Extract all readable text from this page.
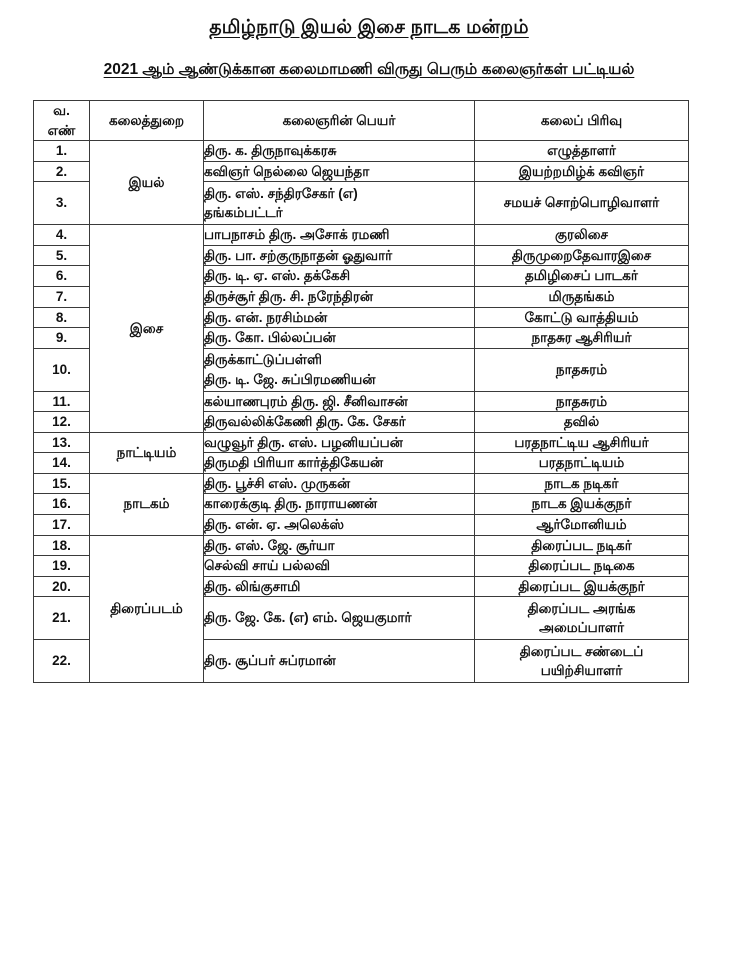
தமிழ்நாடு இயல் இசை நாடக மன்றம்
2021 ஆம் ஆண்டுக்கான கலைமாமணி விருது பெரும் கலைஞர்கள் பட்டியல்
வ.
எண்	கலைத்துறை	கலைஞரின் பெயர்	கலைப் பிரிவு
1.	இயல்	திரு. க. திருநாவுக்கரசு	எழுத்தாளர்

2.		கவிஞர் நெல்லை ஜெயந்தா	இயற்றமிழ்க் கவிஞர்

3.		திரு. எஸ். சந்திரசேகர் (எ)
தங்கம்பட்டர்	சமயச் சொற்பொழிவாளர்

4.	இசை	பாபநாசம் திரு. அசோக் ரமணி	குரலிசை

5.		திரு. பா. சற்குருநாதன் ஓதுவார்	திருமுறைதேவாரஇசை

6.		திரு. டி. ஏ. எஸ். தக்கேசி	தமிழிசைப் பாடகர்

7.		திருச்சூர் திரு. சி. நரேந்திரன்	மிருதங்கம்

8.		திரு. என். நரசிம்மன்	கோட்டு வாத்தியம்

9.		திரு. கோ. பில்லப்பன்	நாதசுர ஆசிரியர்

10.		திருக்காட்டுப்பள்ளி
திரு. டி. ஜே. சுப்பிரமணியன்	நாதசுரம்

11.		கல்யாணபுரம் திரு. ஜி. சீனிவாசன்	நாதசுரம்

12.		திருவல்லிக்கேணி திரு. கே. சேகர்	தவில்

13.	நாட்டியம்	வழுவூர் திரு. எஸ். பழனியப்பன்	பரதநாட்டிய ஆசிரியர்

14.		திருமதி பிரியா கார்த்திகேயன்	பரதநாட்டியம்

15.	நாடகம்	திரு. பூச்சி எஸ். முருகன்	நாடக நடிகர்

16.		காரைக்குடி திரு. நாராயணன்	நாடக இயக்குநர்

17.		திரு. என். ஏ. அலெக்ஸ்	ஆர்மோனியம்

18.	திரைப்படம்	திரு. எஸ். ஜே. சூர்யா	திரைப்பட நடிகர்

19.		செல்வி சாய் பல்லவி	திரைப்பட நடிகை

20.		திரு. லிங்குசாமி	திரைப்பட இயக்குநர்

21.		திரு. ஜே. கே. (எ) எம். ஜெயகுமார்	திரைப்பட அரங்க
அமைப்பாளர்

22.		திரு. சூப்பர் சுப்ரமான்	திரைப்பட சண்டைப்
பயிற்சியாளர்
